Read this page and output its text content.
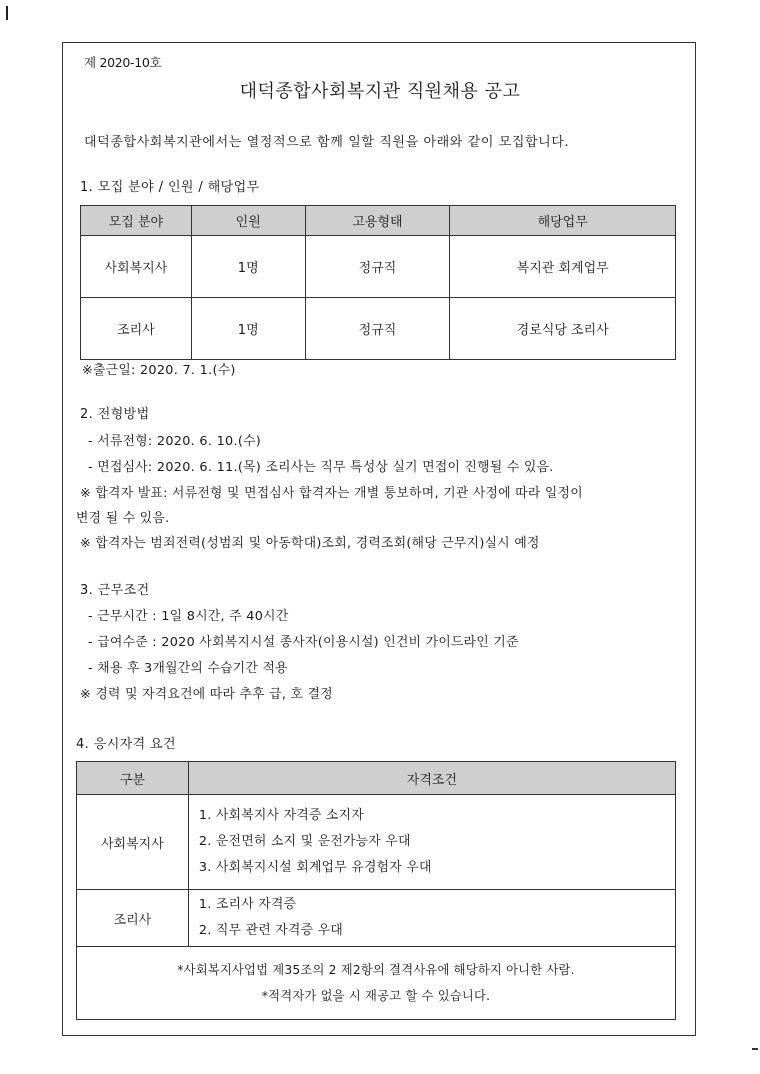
제 2020-10호
대덕종합사회복지관 직원채용 공고
대덕종합사회복지관에서는 열정적으로 함께 일할 직원을 아래와 같이 모집합니다.
1. 모집 분야 / 인원 / 해당업무
모집 분야	인원	고용형태	해당업무
사회복지사	1명	정규직	복지관 회계업무
조리사	1명	정규직	경로식당 조리사
※출근일: 2020. 7. 1.(수)
2. 전형방법
- 서류전형: 2020. 6. 10.(수)
- 면접심사: 2020. 6. 11.(목) 조리사는 직무 특성상 실기 면접이 진행될 수 있음.
※ 합격자 발표: 서류전형 및 면접심사 합격자는 개별 통보하며, 기관 사정에 따라 일정이
변경 될 수 있음.
※ 합격자는 범죄전력(성범죄 및 아동학대)조회, 경력조회(해당 근무지)실시 예정
3. 근무조건
- 근무시간 : 1일 8시간, 주 40시간
- 급여수준 : 2020 사회복지시설 종사자(이용시설) 인건비 가이드라인 기준
- 채용 후 3개월간의 수습기간 적용
※ 경력 및 자격요건에 따라 추후 급, 호 결정
4. 응시자격 요건
구분	자격조건
사회복지사	1. 사회복지사 자격증 소지자
2. 운전면허 소지 및 운전가능자 우대
3. 사회복지시설 회계업무 유경험자 우대

조리사	1. 조리사 자격증
2. 직무 관련 자격증 우대

*사회복지사업법 제35조의 2 제2항의 결격사유에 해당하지 아니한 사람.
*적격자가 없을 시 재공고 할 수 있습니다.	
